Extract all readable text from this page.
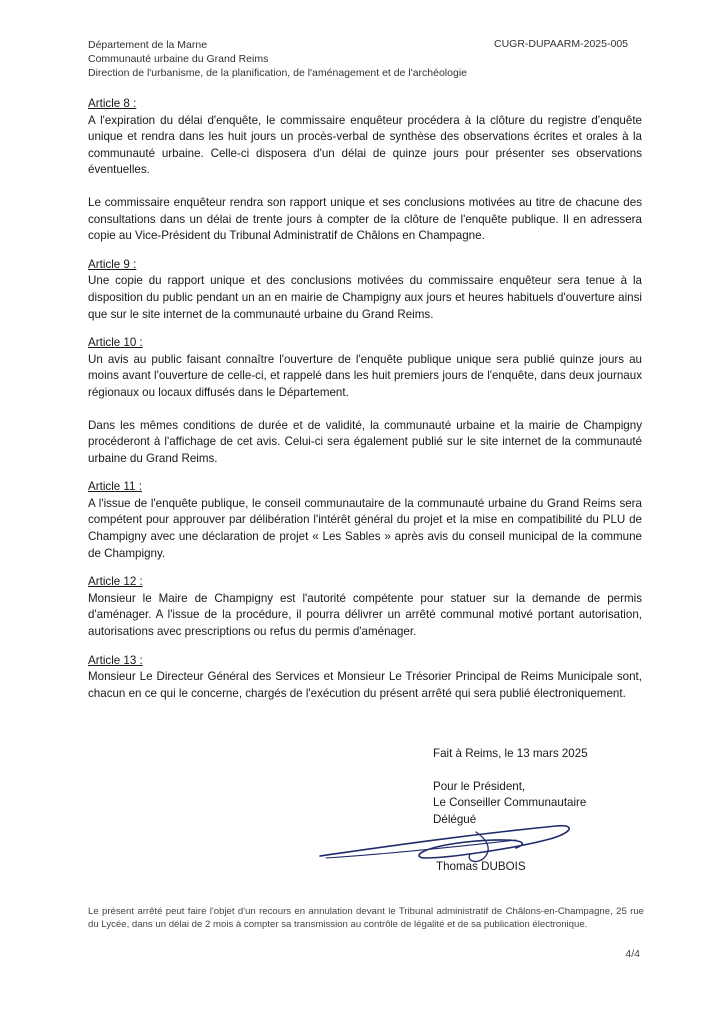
Département de la Marne
Communauté urbaine du Grand Reims
Direction de l'urbanisme, de la planification, de l'aménagement et de l'archéologie
CUGR-DUPAARM-2025-005
Article 8 :

A l'expiration du délai d'enquête, le commissaire enquêteur procédera à la clôture du registre d'enquête unique et rendra dans les huit jours un procès-verbal de synthèse des observations écrites et orales à la communauté urbaine. Celle-ci disposera d'un délai de quinze jours pour présenter ses observations éventuelles.

Le commissaire enquêteur rendra son rapport unique et ses conclusions motivées au titre de chacune des consultations dans un délai de trente jours à compter de la clôture de l'enquête publique. Il en adressera copie au Vice-Président du Tribunal Administratif de Châlons en Champagne.

Article 9 :

Une copie du rapport unique et des conclusions motivées du commissaire enquêteur sera tenue à la disposition du public pendant un an en mairie de Champigny aux jours et heures habituels d'ouverture ainsi que sur le site internet de la communauté urbaine du Grand Reims.

Article 10 :

Un avis au public faisant connaître l'ouverture de l'enquête publique unique sera publié quinze jours au moins avant l'ouverture de celle-ci, et rappelé dans les huit premiers jours de l'enquête, dans deux journaux régionaux ou locaux diffusés dans le Département.

Dans les mêmes conditions de durée et de validité, la communauté urbaine et la mairie de Champigny procéderont à l'affichage de cet avis. Celui-ci sera également publié sur le site internet de la communauté urbaine du Grand Reims.

Article 11 :

A l'issue de l'enquête publique, le conseil communautaire de la communauté urbaine du Grand Reims sera compétent pour approuver par délibération l'intérêt général du projet et la mise en compatibilité du PLU de Champigny avec une déclaration de projet « Les Sables » après avis du conseil municipal de la commune de Champigny.

Article 12 :

Monsieur le Maire de Champigny est l'autorité compétente pour statuer sur la demande de permis d'aménager. A l'issue de la procédure, il pourra délivrer un arrêté communal motivé portant autorisation, autorisations avec prescriptions ou refus du permis d'aménager.

Article 13 :

Monsieur Le Directeur Général des Services et Monsieur Le Trésorier Principal de Reims Municipale sont, chacun en ce qui le concerne, chargés de l'exécution du présent arrêté qui sera publié électroniquement.

Fait à Reims, le 13 mars 2025
Pour le Président,
Le Conseiller Communautaire
Délégué
Thomas DUBOIS
Le présent arrêté peut faire l'objet d'un recours en annulation devant le Tribunal administratif de Châlons-en-Champagne, 25 rue du Lycée, dans un délai de 2 mois à compter sa transmission au contrôle de légalité et de sa publication électronique.
4/4
